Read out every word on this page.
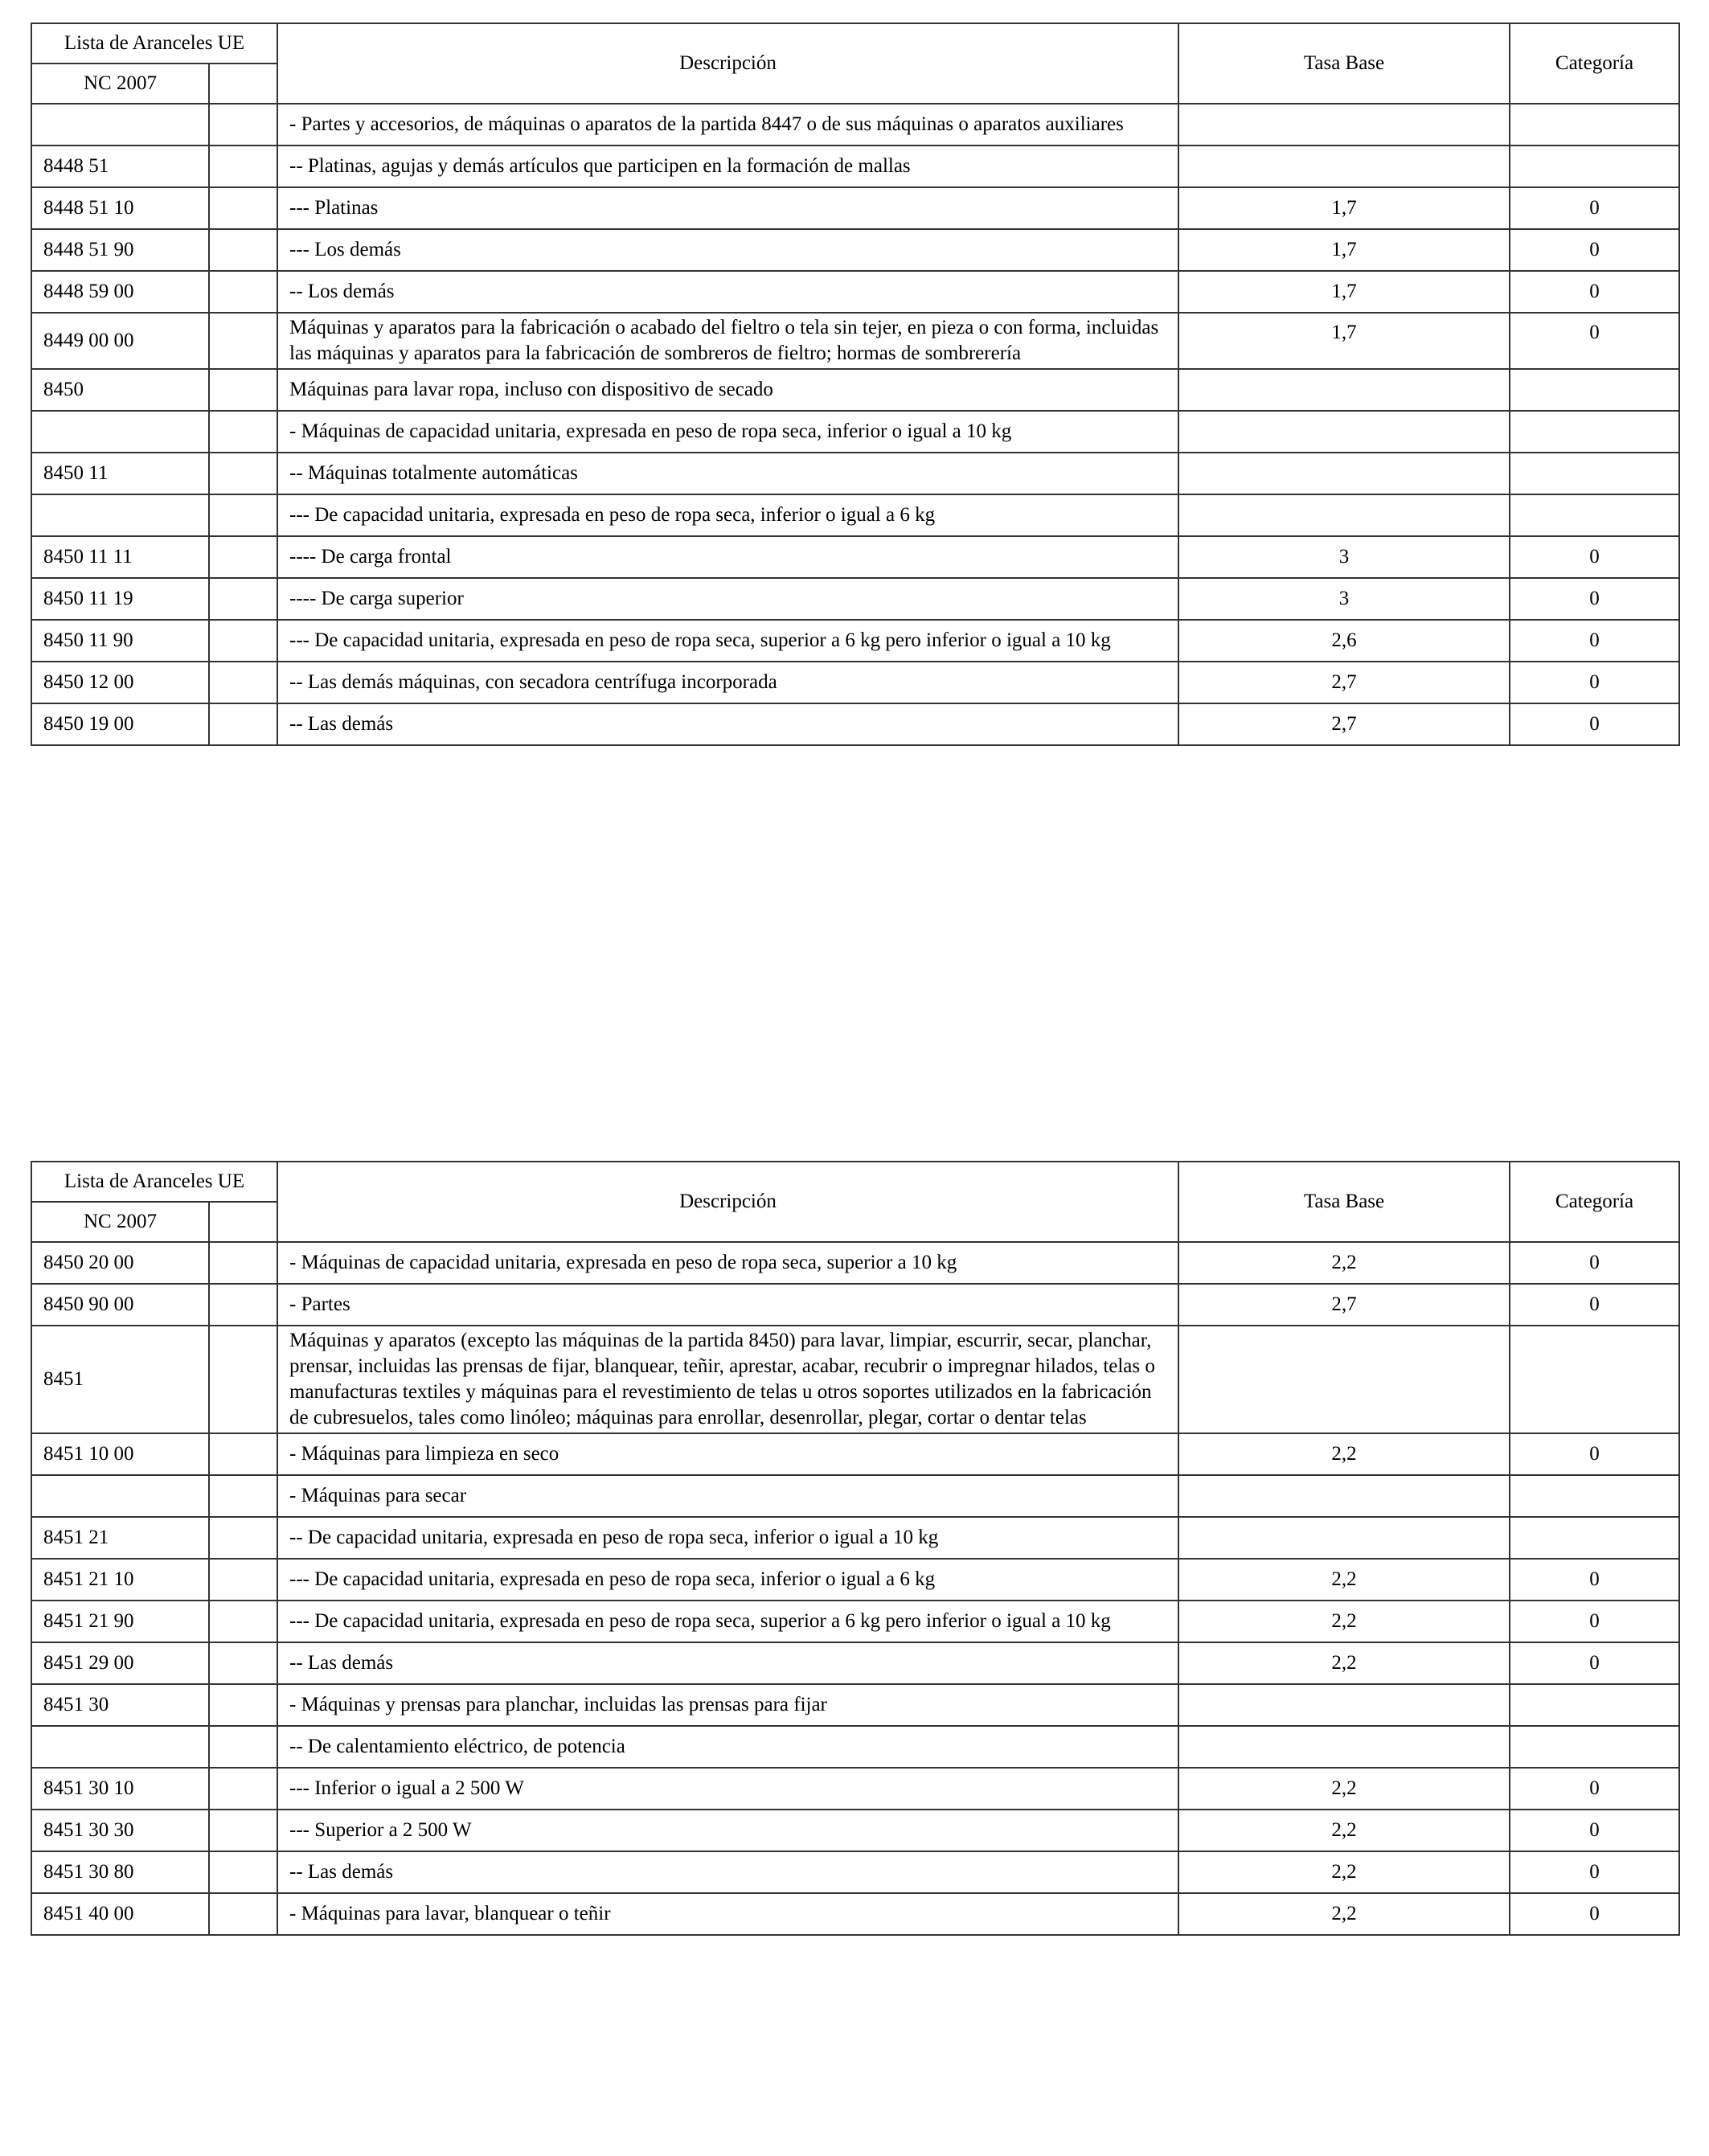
Lista de Aranceles UE		Descripción	Tasa Base	Categoría
NC 2007				
		- Partes y accesorios, de máquinas o aparatos de la partida 8447 o de sus máquinas o aparatos auxiliares		
8448 51		-- Platinas, agujas y demás artículos que participen en la formación de mallas		
8448 51 10		--- Platinas	1,7	0
8448 51 90		--- Los demás	1,7	0
8448 59 00		-- Los demás	1,7	0
8449 00 00		Máquinas y aparatos para la fabricación o acabado del fieltro o tela sin tejer, en pieza o con forma, incluidas las máquinas y aparatos para la fabricación de sombreros de fieltro; hormas de sombrerería	1,7	0
8450		Máquinas para lavar ropa, incluso con dispositivo de secado		
		- Máquinas de capacidad unitaria, expresada en peso de ropa seca, inferior o igual a 10 kg		
8450 11		-- Máquinas totalmente automáticas		
		--- De capacidad unitaria, expresada en peso de ropa seca, inferior o igual a 6 kg		
8450 11 11		---- De carga frontal	3	0
8450 11 19		---- De carga superior	3	0
8450 11 90		--- De capacidad unitaria, expresada en peso de ropa seca, superior a 6 kg pero inferior o igual a 10 kg	2,6	0
8450 12 00		-- Las demás máquinas, con secadora centrífuga incorporada	2,7	0
8450 19 00		-- Las demás	2,7	0
Lista de Aranceles UE		Descripción	Tasa Base	Categoría
NC 2007				
8450 20 00		- Máquinas de capacidad unitaria, expresada en peso de ropa seca, superior a 10 kg	2,2	0
8450 90 00		- Partes	2,7	0
8451		Máquinas y aparatos (excepto las máquinas de la partida 8450) para lavar, limpiar, escurrir, secar, planchar, prensar, incluidas las prensas de fijar, blanquear, teñir, aprestar, acabar, recubrir o impregnar hilados, telas o manufacturas textiles y máquinas para el revestimiento de telas u otros soportes utilizados en la fabricación de cubresuelos, tales como linóleo; máquinas para enrollar, desenrollar, plegar, cortar o dentar telas		
8451 10 00		- Máquinas para limpieza en seco	2,2	0
		- Máquinas para secar		
8451 21		-- De capacidad unitaria, expresada en peso de ropa seca, inferior o igual a 10 kg		
8451 21 10		--- De capacidad unitaria, expresada en peso de ropa seca, inferior o igual a 6 kg	2,2	0
8451 21 90		--- De capacidad unitaria, expresada en peso de ropa seca, superior a 6 kg pero inferior o igual a 10 kg	2,2	0
8451 29 00		-- Las demás	2,2	0
8451 30		- Máquinas y prensas para planchar, incluidas las prensas para fijar		
		-- De calentamiento eléctrico, de potencia		
8451 30 10		--- Inferior o igual a 2 500 W	2,2	0
8451 30 30		--- Superior a 2 500 W	2,2	0
8451 30 80		-- Las demás	2,2	0
8451 40 00		- Máquinas para lavar, blanquear o teñir	2,2	0
